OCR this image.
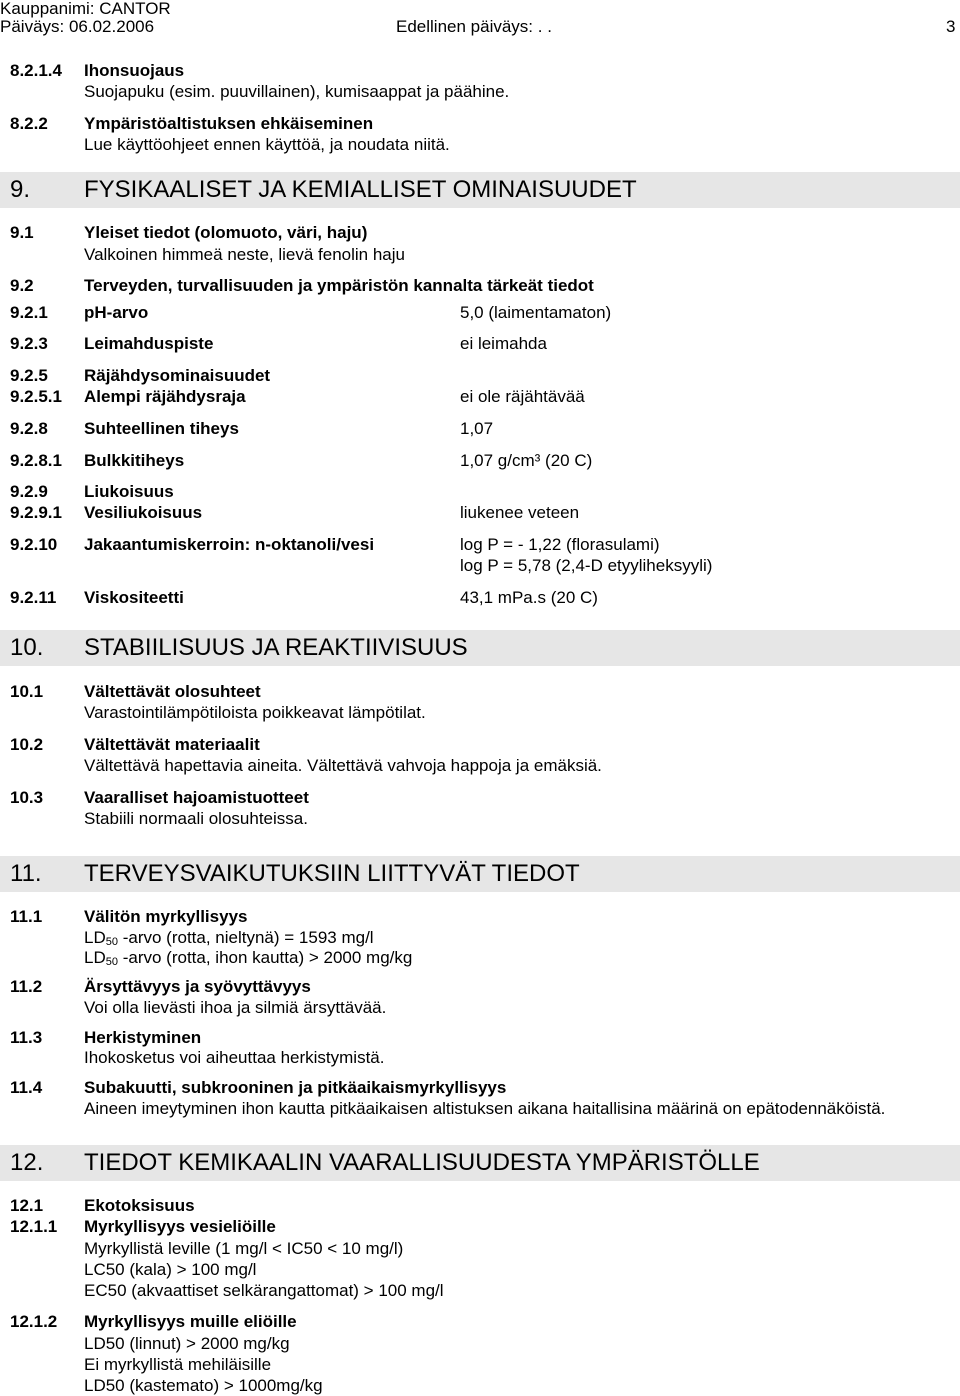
Kauppanimi: CANTOR
Päiväys: 06.02.2006	Edellinen päiväys: . .	3
8.2.1.4 Ihonsuojaus
Suojapuku (esim. puuvillainen), kumisaappat ja päähine.
8.2.2 Ympäristöaltistuksen ehkäiseminen
Lue käyttöohjeet ennen käyttöä, ja noudata niitä.
9. FYSIKAALISET JA KEMIALLISET OMINAISUUDET
9.1	Yleiset tiedot (olomuoto, väri, haju)
Valkoinen himmeä neste, lievä fenolin haju
9.2	Terveyden, turvallisuuden ja ympäristön kannalta tärkeät tiedot
9.2.1 pH-arvo	5,0 (laimentamaton)
9.2.3 Leimahduspiste	ei leimahda
9.2.5 Räjähdysominaisuudet
9.2.5.1 Alempi räjähdysraja	ei ole räjähtävää
9.2.8 Suhteellinen tiheys	1,07
9.2.8.1 Bulkkitiheys	1,07 g/cm³ (20 C)
9.2.9 Liukoisuus
9.2.9.1 Vesiliukoisuus	liukenee veteen
9.2.10 Jakaantumiskerroin: n-oktanoli/vesi	log P = - 1,22 (florasulami)
log P = 5,78 (2,4-D etyyliheksyyli)
9.2.11 Viskositeetti	43,1 mPa.s (20 C)
10. STABIILISUUS JA REAKTIIVISUUS
10.1 Vältettävät olosuhteet
Varastointilämpötiloista poikkeavat lämpötilat.
10.2 Vältettävät materiaalit
Vältettävä hapettavia aineita. Vältettävä vahvoja happoja ja emäksiä.
10.3 Vaaralliset hajoamistuotteet
Stabiili normaali olosuhteissa.
11. TERVEYSVAIKUTUKSIIN LIITTYVÄT TIEDOT
11.1 Välitön myrkyllisyys
$LD_{50}$ -arvo (rotta, nieltynä) = 1593 mg/l
$LD_{50}$ -arvo (rotta, ihon kautta) > 2000 mg/kg
11.2 Ärsyttävyys ja syövyttävyys
Voi olla lievästi ihoa ja silmiä ärsyttävää.
11.3 Herkistyminen
Ihokosketus voi aiheuttaa herkistymistä.
11.4 Subakuutti, subkrooninen ja pitkäaikaismyrkyllisyys
Aineen imeytyminen ihon kautta pitkäaikaisen altistuksen aikana haitallisina määrinä on epätodennäköistä.
12. TIEDOT KEMIKAALIN VAARALLISUUDESTA YMPÄRISTÖLLE
12.1 Ekotoksisuus
12.1.1 Myrkyllisyys vesieliöille
Myrkyllistä leville (1 mg/l < IC50 < 10 mg/l)
LC50 (kala) > 100 mg/l
EC50 (akvaattiset selkärangattomat) > 100 mg/l
12.1.2 Myrkyllisyys muille eliöille
LD50 (linnut) > 2000 mg/kg
Ei myrkyllistä mehiläisille
LD50 (kastemato) > 1000mg/kg
